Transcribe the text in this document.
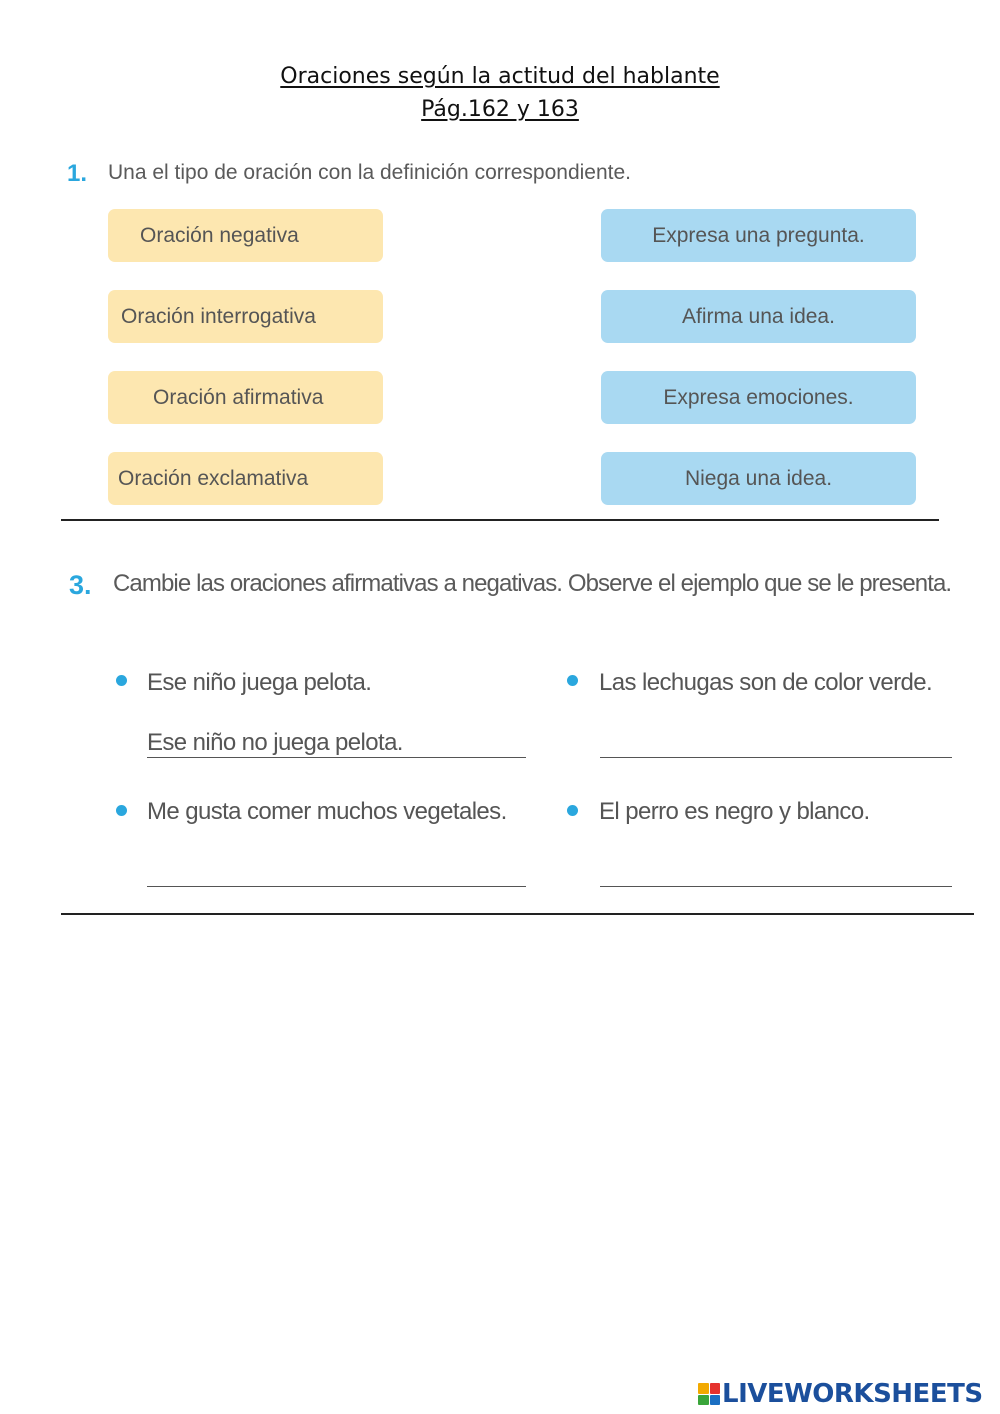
Oraciones según la actitud del hablante
Pág.162 y 163
1. Una el tipo de oración con la definición correspondiente.
Oración negativa
Oración interrogativa
Oración afirmativa
Oración exclamativa
Expresa una pregunta.
Afirma una idea.
Expresa emociones.
Niega una idea.
3. Cambie las oraciones afirmativas a negativas. Observe el ejemplo que se le presenta.
Ese niño juega pelota.
Ese niño no juega pelota.
Las lechugas son de color verde.
Me gusta comer muchos vegetales.	El perro es negro y blanco.
LIVEWORKSHEETS
